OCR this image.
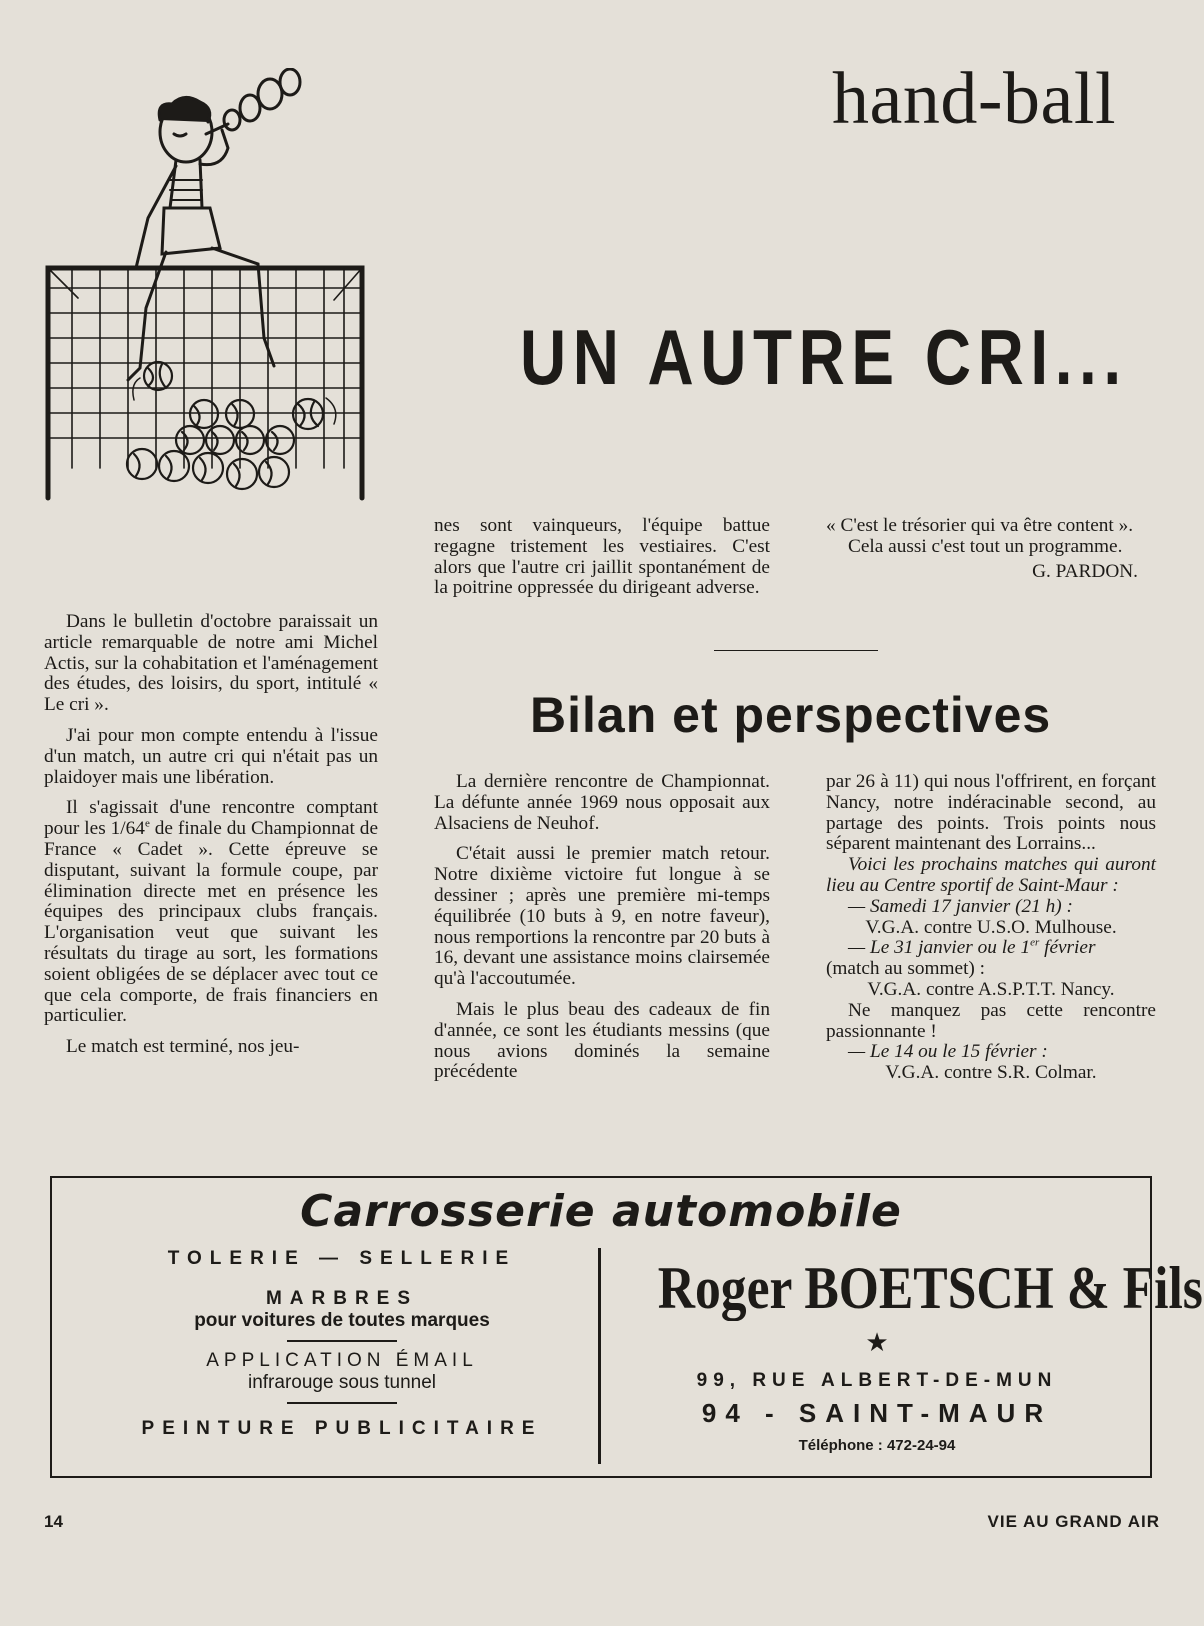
hand-ball
UN AUTRE CRI...

Dans le bulletin d'octobre paraissait un article remarquable de notre ami Michel Actis, sur la cohabitation et l'aménagement des études, des loisirs, du sport, intitulé « Le cri ».

J'ai pour mon compte entendu à l'issue d'un match, un autre cri qui n'était pas un plaidoyer mais une libération.

Il s'agissait d'une rencontre comptant pour les 1/64e de finale du Championnat de France « Cadet ». Cette épreuve se disputant, suivant la formule coupe, par élimination directe met en présence les équipes des principaux clubs français. L'organisation veut que suivant les résultats du tirage au sort, les formations soient obligées de se déplacer avec tout ce que cela comporte, de frais financiers en particulier.

Le match est terminé, nos jeu-

nes sont vainqueurs, l'équipe battue regagne tristement les vestiaires. C'est alors que l'autre cri jaillit spontanément de la poitrine oppressée du dirigeant adverse.

« C'est le trésorier qui va être content ».

Cela aussi c'est tout un programme.

G. PARDON.

Bilan et perspectives

La dernière rencontre de Championnat. La défunte année 1969 nous opposait aux Alsaciens de Neuhof.

C'était aussi le premier match retour. Notre dixième victoire fut longue à se dessiner ; après une première mi-temps équilibrée (10 buts à 9, en notre faveur), nous remportions la rencontre par 20 buts à 16, devant une assistance moins clairsemée qu'à l'accoutumée.

Mais le plus beau des cadeaux de fin d'année, ce sont les étudiants messins (que nous avions dominés la semaine précédente

par 26 à 11) qui nous l'offrirent, en forçant Nancy, notre indéracinable second, au partage des points. Trois points nous séparent maintenant des Lorrains...

Voici les prochains matches qui auront lieu au Centre sportif de Saint-Maur :

— Samedi 17 janvier (21 h) :

V.G.A. contre U.S.O. Mulhouse.

— Le 31 janvier ou le 1er février

(match au sommet) :

V.G.A. contre A.S.P.T.T. Nancy.

Ne manquez pas cette rencontre passionnante !

— Le 14 ou le 15 février :

V.G.A. contre S.R. Colmar.

Carrosserie automobile
TOLERIE — SELLERIE
MARBRES
pour voitures de toutes marques
APPLICATION ÉMAIL
infrarouge sous tunnel
PEINTURE PUBLICITAIRE
Roger BOETSCH & Fils
★
99, RUE ALBERT-DE-MUN
94 - SAINT-MAUR
Téléphone : 472-24-94
14	VIE AU GRAND AIR
